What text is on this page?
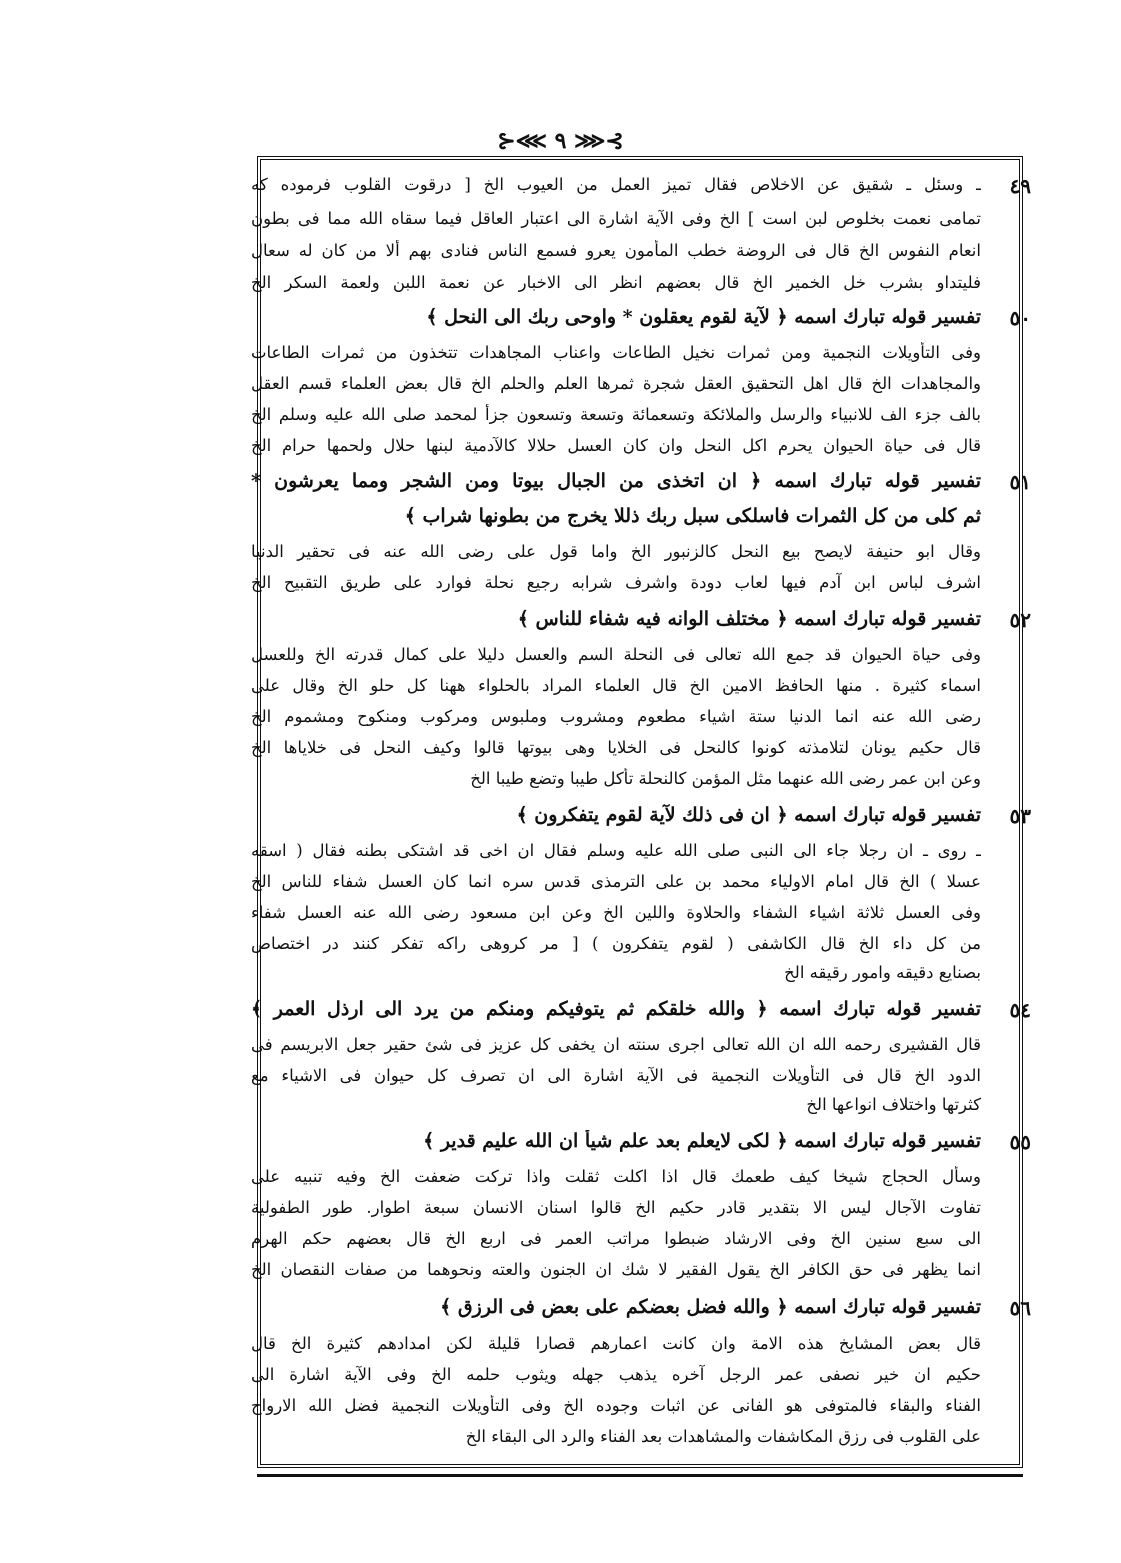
⊱⋘ ٩ ⋙⊰
٤٩
ـ وسئل ـ شقيق عن الاخلاص فقال تميز العمل من العيوب الخ [ درقوت القلوب فرموده كه
تمامى نعمت بخلوص لبن است ] الخ وفى الآية اشارة الى اعتبار العاقل فيما سقاه الله مما فى بطون
انعام النفوس الخ قال فى الروضة خطب المأمون يعرو فسمع الناس فنادى بهم ألا من كان له سعال
فليتداو بشرب خل الخمير الخ قال بعضهم انظر الى الاخبار عن نعمة اللبن ولعمة السكر الخ
٥٠
تفسير قوله تبارك اسمه ﴿ لآية لقوم يعقلون * واوحى ربك الى النحل ﴾
وفى التأويلات النجمية ومن ثمرات نخيل الطاعات واعناب المجاهدات تتخذون من ثمرات الطاعات
والمجاهدات الخ قال اهل التحقيق العقل شجرة ثمرها العلم والحلم الخ قال بعض العلماء قسم العقل
بالف جزء الف للانبياء والرسل والملائكة وتسعمائة وتسعة وتسعون جزأ لمحمد صلى الله عليه وسلم الخ
قال فى حياة الحيوان يحرم اكل النحل وان كان العسل حلالا كالآدمية لبنها حلال ولحمها حرام الخ
٥١
تفسير قوله تبارك اسمه ﴿ ان اتخذى من الجبال بيوتا ومن الشجر ومما يعرشون *
ثم كلى من كل الثمرات فاسلكى سبل ربك ذللا يخرج من بطونها شراب ﴾
وقال ابو حنيفة لايصح بيع النحل كالزنبور الخ واما قول على رضى الله عنه فى تحقير الدنيا
اشرف لباس ابن آدم فيها لعاب دودة واشرف شرابه رجيع نحلة فوارد على طريق التقبيح الخ
٥٢
تفسير قوله تبارك اسمه ﴿ مختلف الوانه فيه شفاء للناس ﴾
وفى حياة الحيوان قد جمع الله تعالى فى النحلة السم والعسل دليلا على كمال قدرته الخ وللعسل
اسماء كثيرة . منها الحافظ الامين الخ قال العلماء المراد بالحلواء ههنا كل حلو الخ وقال على
رضى الله عنه انما الدنيا ستة اشياء مطعوم ومشروب وملبوس ومركوب ومنكوح ومشموم الخ
قال حكيم يونان لتلامذته كونوا كالنحل فى الخلايا وهى بيوتها قالوا وكيف النحل فى خلاياها الخ
وعن ابن عمر رضى الله عنهما مثل المؤمن كالنحلة تأكل طيبا وتضع طيبا الخ
٥٣
تفسير قوله تبارك اسمه ﴿ ان فى ذلك لآية لقوم يتفكرون ﴾
ـ روى ـ ان رجلا جاء الى النبى صلى الله عليه وسلم فقال ان اخى قد اشتكى بطنه فقال ( اسقه
عسلا ) الخ قال امام الاولياء محمد بن على الترمذى قدس سره انما كان العسل شفاء للناس الخ
وفى العسل ثلاثة اشياء الشفاء والحلاوة واللين الخ وعن ابن مسعود رضى الله عنه العسل شفاء
من كل داء الخ قال الكاشفى ( لقوم يتفكرون ) [ مر كروهى راكه تفكر كنند در اختصاص
بصنايع دقيقه وامور رقيقه الخ
٥٤
تفسير قوله تبارك اسمه ﴿ والله خلقكم ثم يتوفيكم ومنكم من يرد الى ارذل العمر ﴾
قال القشيرى رحمه الله ان الله تعالى اجرى سنته ان يخفى كل عزيز فى شئ حقير جعل الابريسم فى
الدود الخ قال فى التأويلات النجمية فى الآية اشارة الى ان تصرف كل حيوان فى الاشياء مع
كثرتها واختلاف انواعها الخ
٥٥
تفسير قوله تبارك اسمه ﴿ لكى لايعلم بعد علم شيأ ان الله عليم قدير ﴾
وسأل الحجاج شيخا كيف طعمك قال اذا اكلت ثقلت واذا تركت ضعفت الخ وفيه تنبيه على
تفاوت الآجال ليس الا بتقدير قادر حكيم الخ قالوا اسنان الانسان سبعة اطوار. طور الطفولية
الى سبع سنين الخ وفى الارشاد ضبطوا مراتب العمر فى اربع الخ قال بعضهم حكم الهرم
انما يظهر فى حق الكافر الخ يقول الفقير لا شك ان الجنون والعته ونحوهما من صفات النقصان الخ
٥٦
تفسير قوله تبارك اسمه ﴿ والله فضل بعضكم على بعض فى الرزق ﴾
قال بعض المشايخ هذه الامة وان كانت اعمارهم قصارا قليلة لكن امدادهم كثيرة الخ قال
حكيم ان خير نصفى عمر الرجل آخره يذهب جهله ويثوب حلمه الخ وفى الآية اشارة الى
الفناء والبقاء فالمتوفى هو الفانى عن اثبات وجوده الخ وفى التأويلات النجمية فضل الله الارواح
على القلوب فى رزق المكاشفات والمشاهدات بعد الفناء والرد الى البقاء الخ
